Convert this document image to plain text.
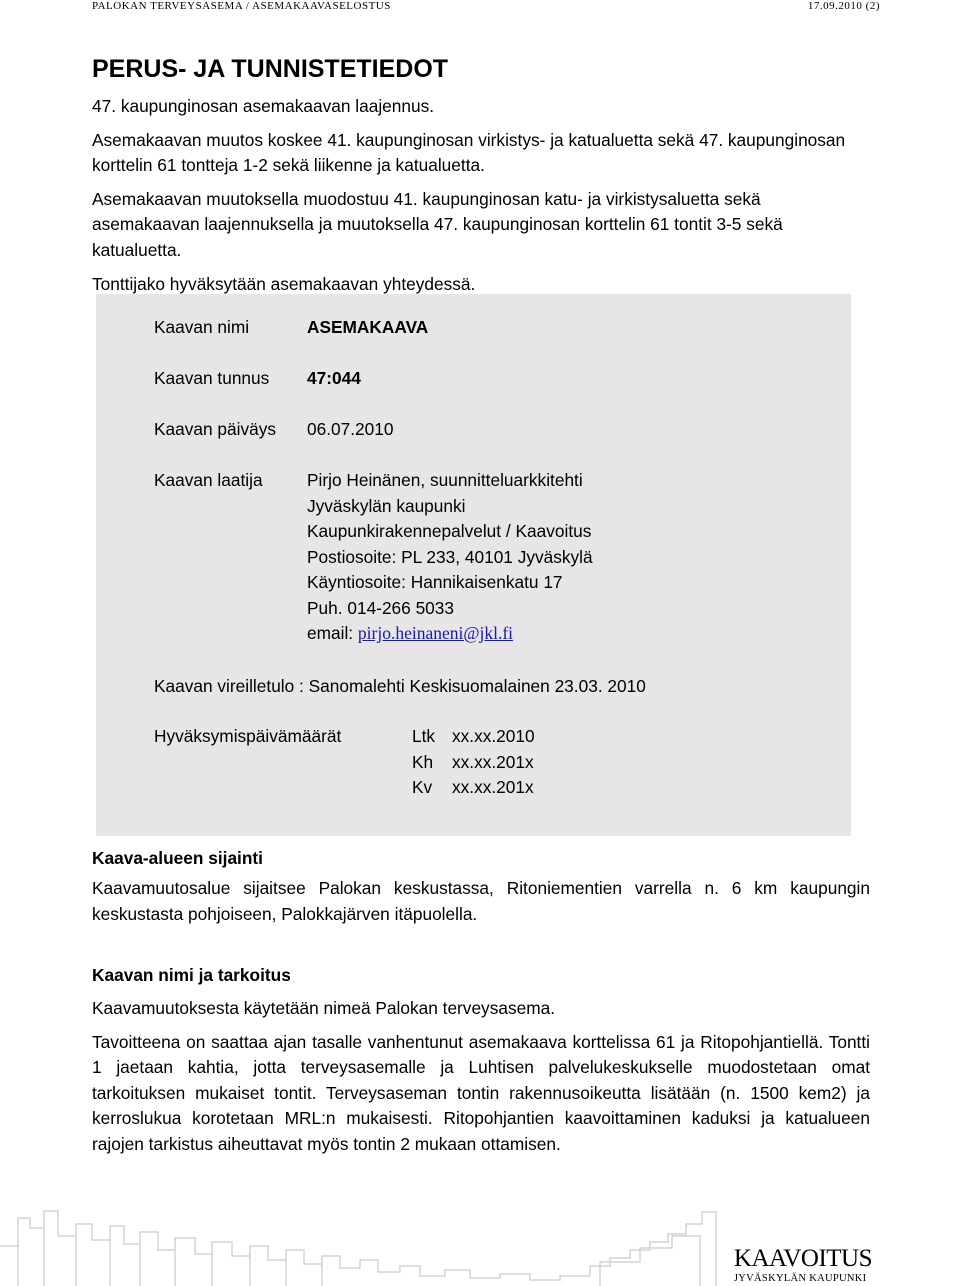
PALOKAN TERVEYSASEMA / ASEMAKAAVASELOSTUS	17.09.2010 (2)
PERUS- JA TUNNISTETIEDOT

47. kaupunginosan asemakaavan laajennus.

Asemakaavan muutos koskee 41. kaupunginosan virkistys- ja katualuetta sekä 47. kaupunginosan korttelin 61 tontteja 1-2 sekä liikenne ja katualuetta.

Asemakaavan muutoksella muodostuu 41. kaupunginosan katu- ja virkistysaluetta sekä asemakaavan laajennuksella ja muutoksella 47. kaupunginosan korttelin 61 tontit 3-5 sekä katualuetta.

Tonttijako hyväksytään asemakaavan yhteydessä.

Kaavan nimi	ASEMAKAAVA
Kaavan tunnus 47:044
Kaavan päiväys 06.07.2010
Kaavan laatija	Pirjo Heinänen, suunnitteluarkkitehti
Jyväskylän kaupunki
Kaupunkirakennepalvelut / Kaavoitus
Postiosoite: PL 233, 40101 Jyväskylä
Käyntiosoite: Hannikaisenkatu 17
Puh. 014-266 5033
email: pirjo.heinaneni@jkl.fi
Kaavan vireilletulo : Sanomalehti Keskisuomalainen 23.03. 2010
Hyväksymispäivämäärät	Ltk xx.xx.2010
Kh xx.xx.201x
Kv xx.xx.201x
Kaava-alueen sijainti

Kaavamuutosalue sijaitsee Palokan keskustassa, Ritoniementien varrella n. 6 km kaupungin keskustasta pohjoiseen, Palokkajärven itäpuolella.

Kaavan nimi ja tarkoitus

Kaavamuutoksesta käytetään nimeä Palokan terveysasema.

Tavoitteena on saattaa ajan tasalle vanhentunut asemakaava korttelissa 61 ja Ritopohjantiellä. Tontti 1 jaetaan kahtia, jotta terveysasemalle ja Luhtisen palvelukeskukselle muodostetaan omat tarkoituksen mukaiset tontit. Terveysaseman tontin rakennusoikeutta lisätään (n. 1500 kem2) ja kerroslukua korotetaan MRL:n mukaisesti. Ritopohjantien kaavoittaminen kaduksi ja katualueen rajojen tarkistus aiheuttavat myös tontin 2 mukaan ottamisen.

KAAVOITUS
JYVÄSKYLÄN KAUPUNKI
